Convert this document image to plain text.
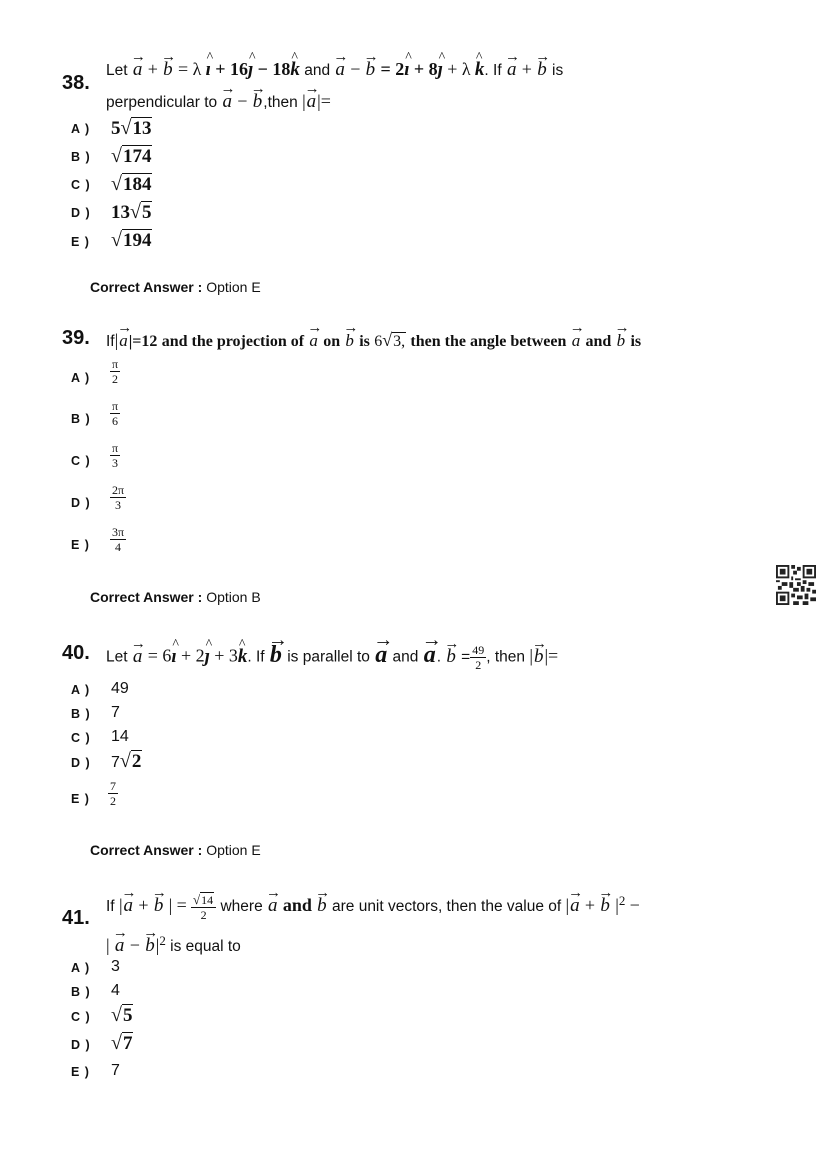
38.
Let → a + → b = λ ^ ı + 16^ ȷ − 18^ k and → a − → b = 2^ ı + 8^ ȷ + λ ^ k. If → a + → b is
perpendicular to → a − → b,then |→ a|=
A ) 5√13
B ) √174
C ) √184
D ) 13√5
E ) √194
Correct Answer : Option E
39. If|→ a|=12 and the projection of → a on → b is 6√3, then the angle between → a and → b is
A ) $\frac{\pi}{2}$
B ) $\frac{\pi}{6}$
C ) $\frac{\pi}{3}$
D ) $\frac{2\pi}{3}$
E ) $\frac{3\pi}{4}$
Correct Answer : Option B
40. Let → a = 6^ ı + 2^ ȷ + 3^ k. If → b is parallel to → a and → a. → $b = \frac{49}{2}$ , then |→ b|=
A ) 49
B ) 7
C ) 14
D ) 7√2
E ) $\frac{7}{2}$
Correct Answer : Option E
41.
If |→ a + → b | = $\frac{√14}{2}$ where → a and → b are unit vectors, then the value of |→ a + → b $|^2$ −
| → a − → $b|^2$ is equal to
A ) 3
B ) 4
C ) √5
D ) √7
E ) 7
